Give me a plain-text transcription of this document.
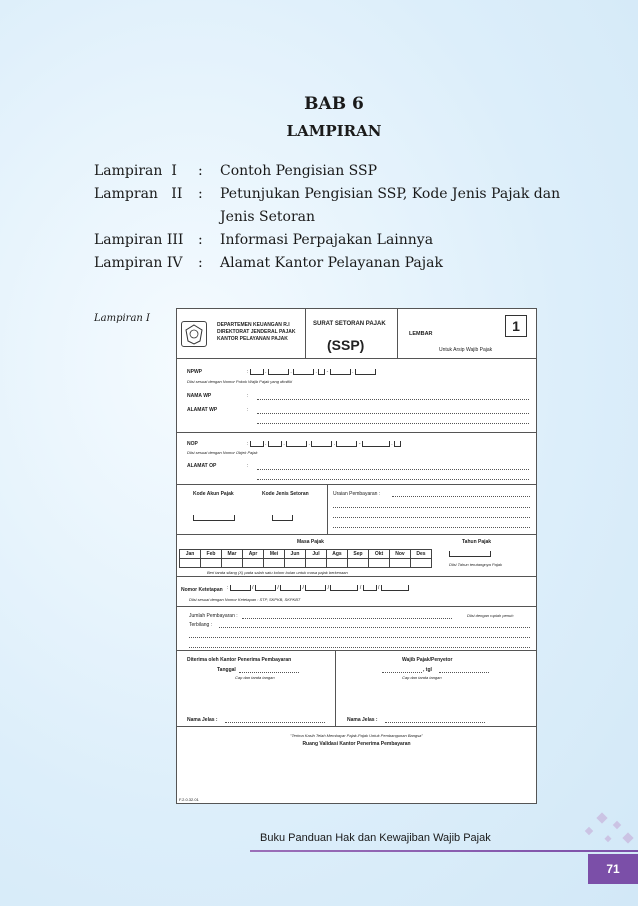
BAB 6
LAMPIRAN
Lampiran  I : Contoh Pengisian SSP
Lampran   II : Petunjukan Pengisian SSP, Kode Jenis Pajak dan
Jenis Setoran
Lampiran III : Informasi Perpajakan Lainnya
Lampiran IV : Alamat Kantor Pelayanan Pajak
Lampiran I
DEPARTEMEN KEUANGAN R.I
DIREKTORAT JENDERAL PAJAK
KANTOR PELAYANAN PAJAK
SURAT SETORAN PAJAK
(SSP)
LEMBAR	1
Untuk Arsip Wajib Pajak
NPWP	:	.	.	.  -	.
Diisi sesuai dengan Nomor Pokok Wajib Pajak yang dimiliki
NAMA WP	:
ALAMAT WP	:
NOP	:	.	.	.	.	-	.
Diisi sesuai dengan Nomor Objek Pajak
ALAMAT OP	:
Kode Akun Pajak	Kode Jenis Setoran	Uraian Pembayaran :
Masa Pajak	Tahun Pajak
Jan	Feb	Mar	Apr	Mei	Jun	Jul	Ags	Sep	Okt	Nov	Des

Beri tanda silang (X) pada salah satu kolom bulan untuk masa pajak berkenaan
Diisi Tahun terutangnya Pajak
Nomor Ketetapan :	/	/	/	/	/	/
Diisi sesuai dengan Nomor Ketetapan : STP, SKPKB, SKPKBT
Jumlah Pembayaran :	Diisi dengan rupiah penuh
Terbilang :
Diterima oleh Kantor Penerima Pembayaran
Tanggal
Cap dan tanda tangan
Wajib Pajak/Penyetor
, tgl
Cap dan tanda tangan
Nama Jelas :	Nama Jelas :
"Terima Kasih Telah Membayar Pajak-Pajak Untuk Pembangunan Bangsa"
Ruang Validasi Kantor Penerima Pembayaran
F.2.0.32.01
Buku Panduan Hak dan Kewajiban Wajib Pajak
71
